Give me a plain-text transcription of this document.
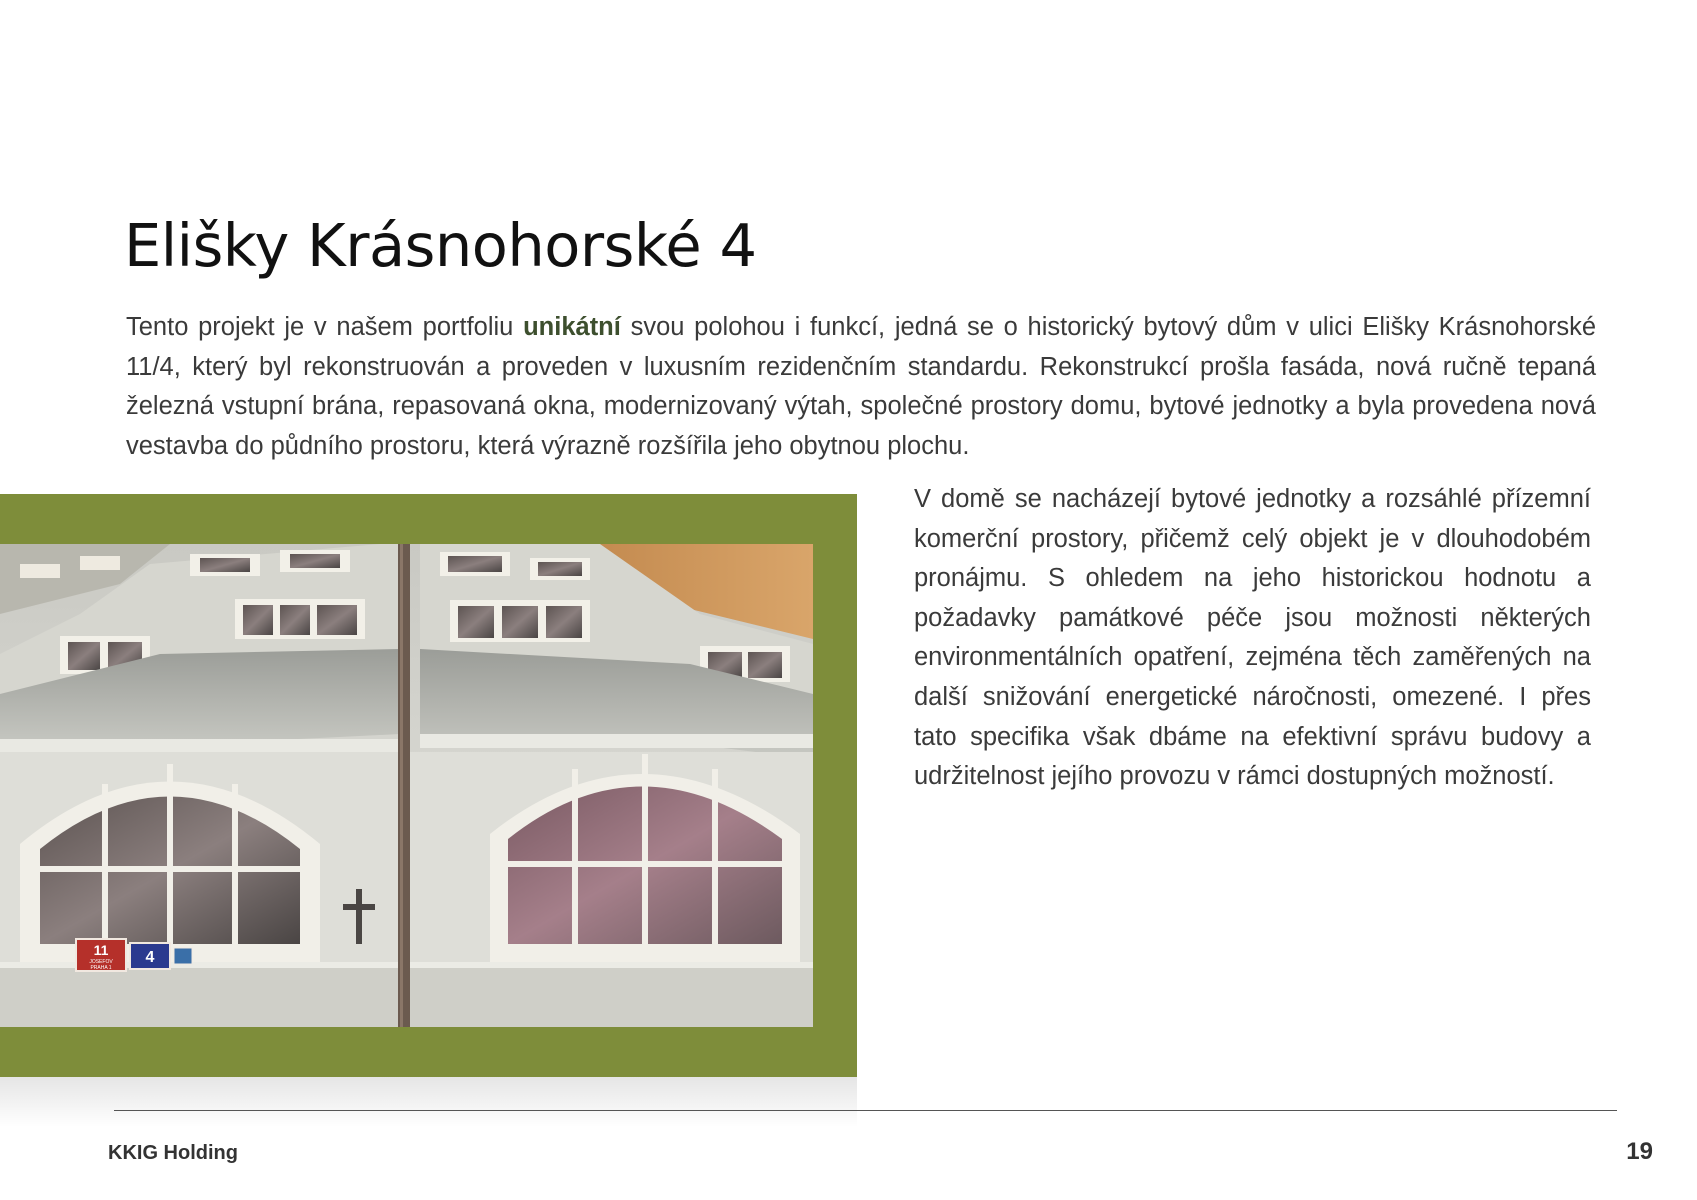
Elišky Krásnohorské 4

Tento projekt je v našem portfoliu unikátní svou polohou i funkcí, jedná se o historický bytový dům v ulici Elišky Krásnohorské 11/4, který byl rekonstruován a proveden v luxusním rezidenčním standardu. Rekonstrukcí prošla fasáda, nová ručně tepaná železná vstupní brána, repasovaná okna, modernizovaný výtah, společné prostory domu, bytové jednotky a byla provedena nová vestavba do půdního prostoru, která výrazně rozšířila jeho obytnou plochu.

11
JOSEFOV
PRAHA 1
4

V domě se nacházejí bytové jednotky a rozsáhlé přízemní komerční prostory, přičemž celý objekt je v dlouhodobém pronájmu. S ohledem na jeho historickou hodnotu a požadavky památkové péče jsou možnosti některých environmentálních opatření, zejména těch zaměřených na další snižování energetické náročnosti, omezené. I přes tato specifika však dbáme na efektivní správu budovy a udržitelnost jejího provozu v rámci dostupných možností.

KKIG Holding	19
